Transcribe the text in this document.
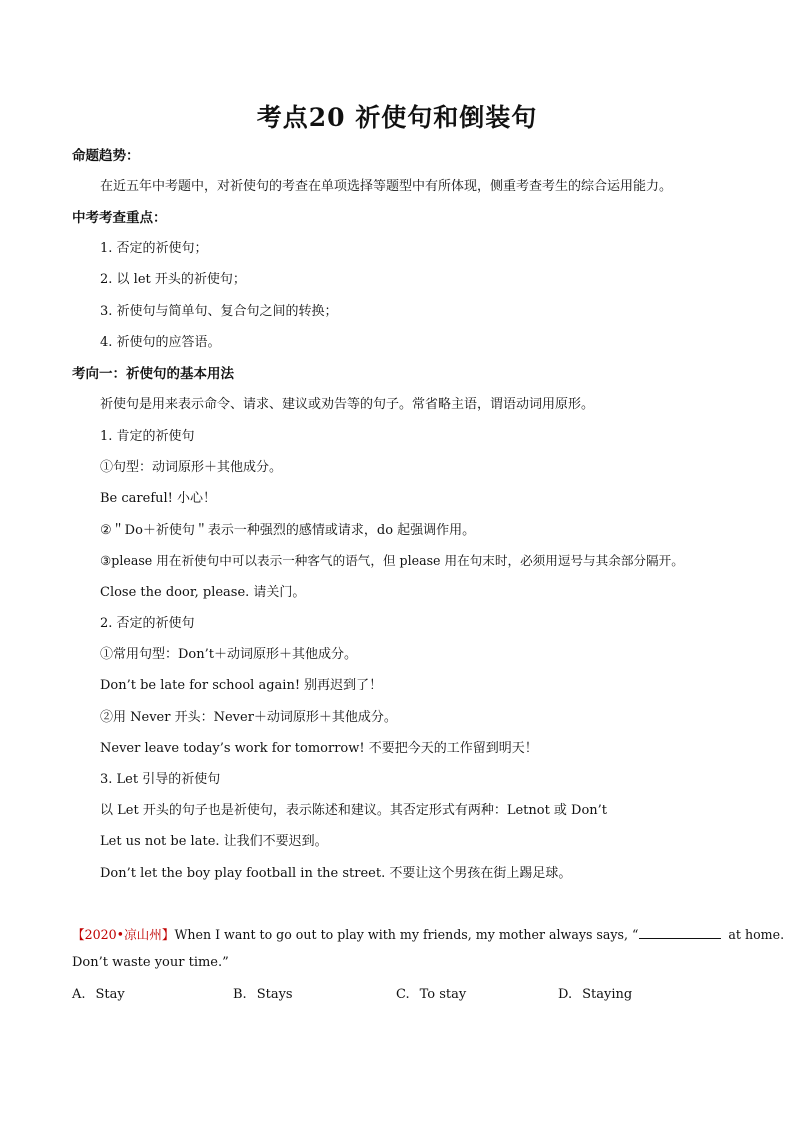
考点20 祈使句和倒装句
命题趋势：
在近五年中考题中，对祈使句的考查在单项选择等题型中有所体现，侧重考查考生的综合运用能力。
中考考查重点：
1. 否定的祈使句；
2. 以 let 开头的祈使句；
3. 祈使句与简单句、复合句之间的转换；
4. 祈使句的应答语。
考向一：祈使句的基本用法
祈使句是用来表示命令、请求、建议或劝告等的句子。常省略主语，谓语动词用原形。
1. 肯定的祈使句
①句型：动词原形＋其他成分。
Be careful! 小心！
②＂Do＋祈使句＂表示一种强烈的感情或请求，do 起强调作用。
③please 用在祈使句中可以表示一种客气的语气，但 please 用在句末时，必须用逗号与其余部分隔开。
Close the door, please. 请关门。
2. 否定的祈使句
①常用句型：Don’t＋动词原形＋其他成分。
Don’t be late for school again! 别再迟到了！
②用 Never 开头：Never＋动词原形＋其他成分。
Never leave today’s work for tomorrow! 不要把今天的工作留到明天！
3. Let 引导的祈使句
以 Let 开头的句子也是祈使句，表示陈述和建议。其否定形式有两种：Letnot 或 Don’t
Let us not be late. 让我们不要迟到。
Don’t let the boy play football in the street. 不要让这个男孩在街上踢足球。
【2020•凉山州】When I want to go out to play with my friends, my mother always says, “	at home.
Don’t waste your time.”
A. Stay	B. Stays	C. To stay	D. Staying
